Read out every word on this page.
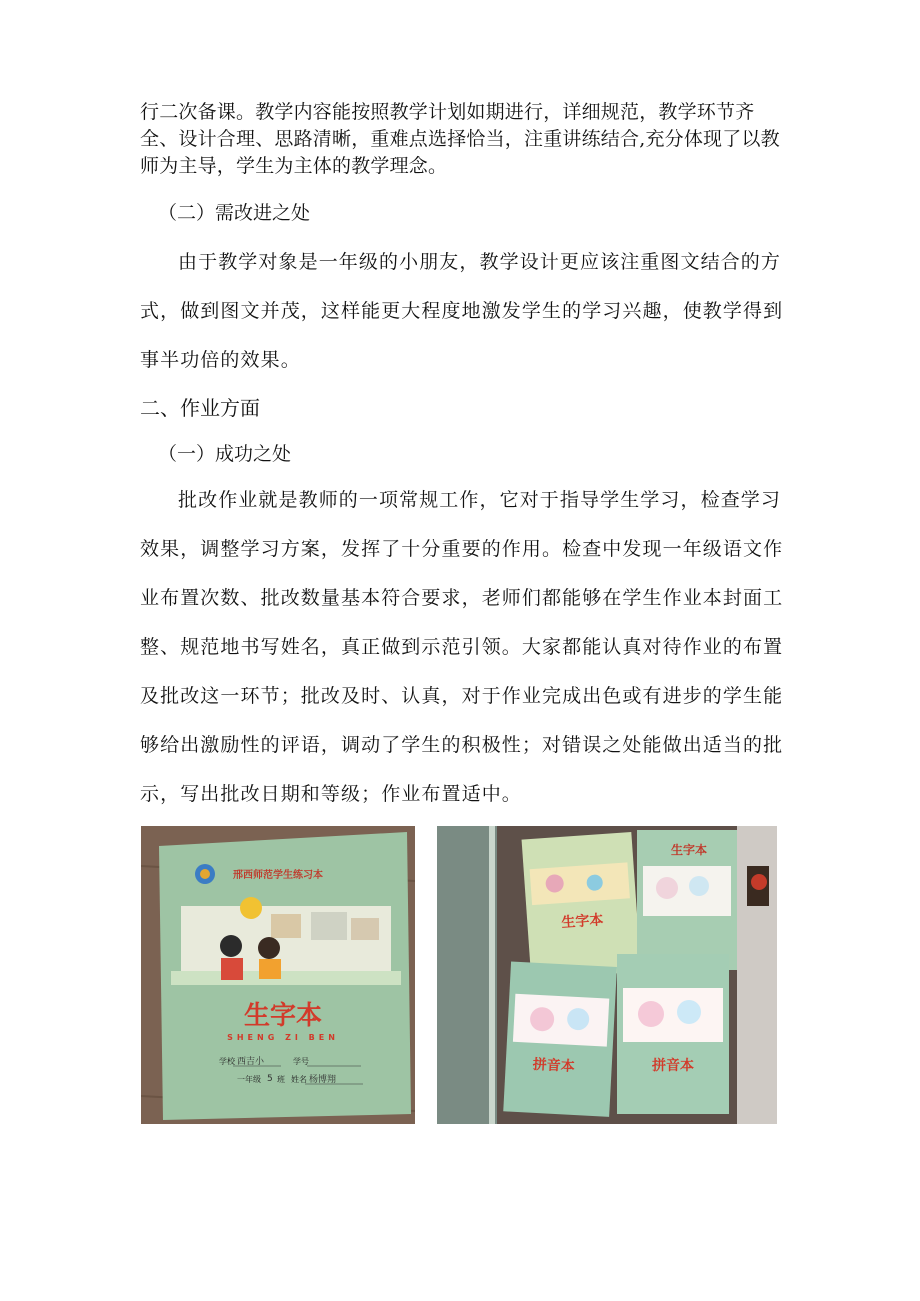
行二次备课。教学内容能按照教学计划如期进行，详细规范，教学环节齐全、设计合理、思路清晰，重难点选择恰当，注重讲练结合,充分体现了以教师为主导，学生为主体的教学理念。

（二）需改进之处

由于教学对象是一年级的小朋友，教学设计更应该注重图文结合的方式，做到图文并茂，这样能更大程度地激发学生的学习兴趣，使教学得到事半功倍的效果。

二、作业方面

（一）成功之处

批改作业就是教师的一项常规工作，它对于指导学生学习，检查学习效果，调整学习方案，发挥了十分重要的作用。检查中发现一年级语文作业布置次数、批改数量基本符合要求，老师们都能够在学生作业本封面工整、规范地书写姓名，真正做到示范引领。大家都能认真对待作业的布置及批改这一环节；批改及时、认真，对于作业完成出色或有进步的学生能够给出激励性的评语，调动了学生的积极性；对错误之处能做出适当的批示，写出批改日期和等级；作业布置适中。

邢西师范学生练习本
生字本
SHENG ZI BEN
学校 西吉小	学号
一年级 5 班 姓名 杨博翔
生字本
生字本
拼音本	拼音本
